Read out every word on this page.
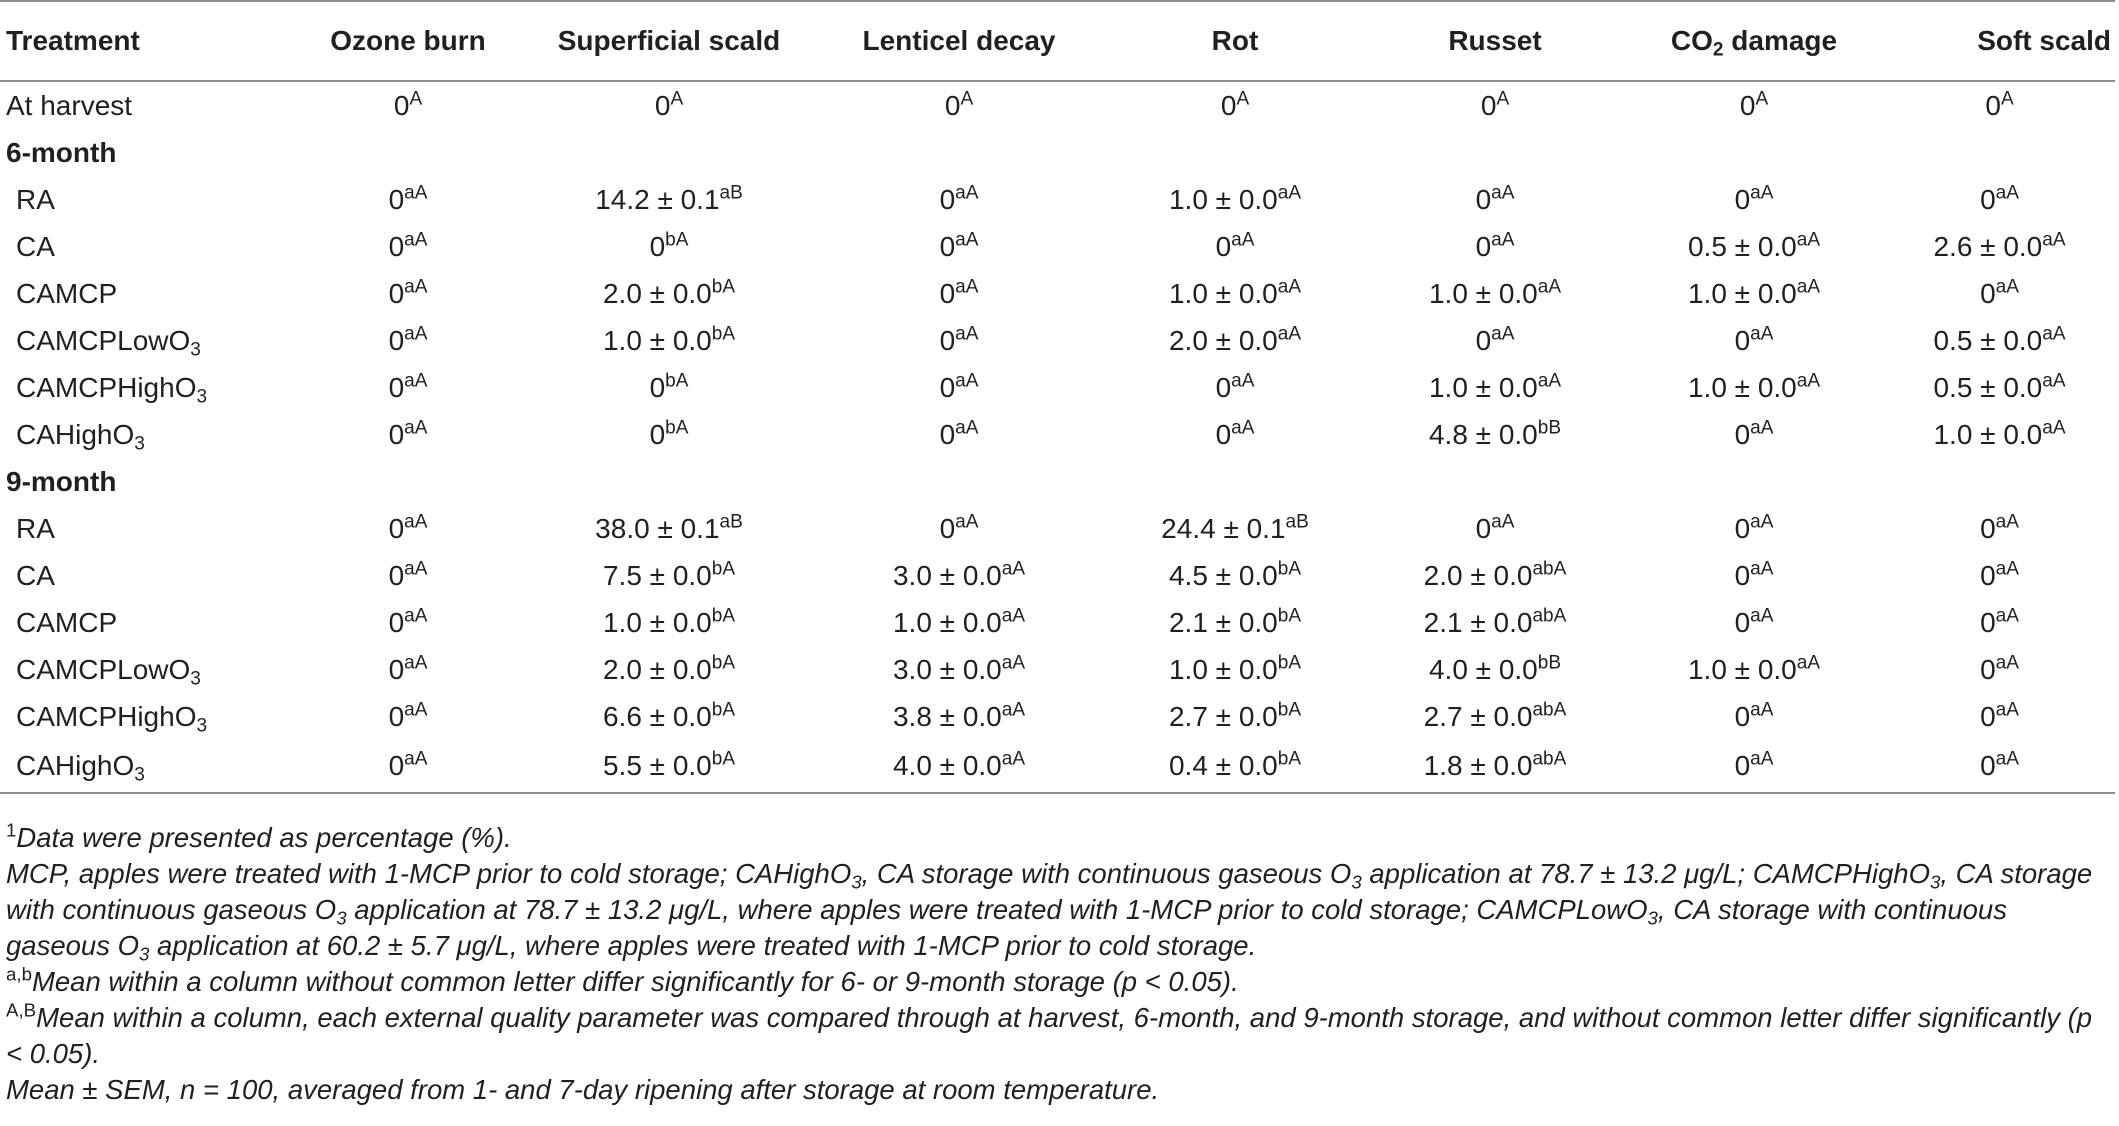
Treatment	Ozone burn	Superficial scald	Lenticel decay	Rot	Russet	$CO_2$ damage	Soft scald
At harvest	$0^A$	$0^A$	$0^A$	$0^A$	$0^A$	$0^A$	$0^A$
6-month							
RA	$0^{aA}$	$14.2 \pm 0.1^{aB}$	$0^{aA}$	$1.0 \pm 0.0^{aA}$	$0^{aA}$	$0^{aA}$	$0^{aA}$
CA	$0^{aA}$	$0^{bA}$	$0^{aA}$	$0^{aA}$	$0^{aA}$	$0.5 \pm 0.0^{aA}$	$2.6 \pm 0.0^{aA}$
CAMCP	$0^{aA}$	$2.0 \pm 0.0^{bA}$	$0^{aA}$	$1.0 \pm 0.0^{aA}$	$1.0 \pm 0.0^{aA}$	$1.0 \pm 0.0^{aA}$	$0^{aA}$
CAMCPLowO$_3$	$0^{aA}$	$1.0 \pm 0.0^{bA}$	$0^{aA}$	$2.0 \pm 0.0^{aA}$	$0^{aA}$	$0^{aA}$	$0.5 \pm 0.0^{aA}$
CAMCPHighO$_3$	$0^{aA}$	$0^{bA}$	$0^{aA}$	$0^{aA}$	$1.0 \pm 0.0^{aA}$	$1.0 \pm 0.0^{aA}$	$0.5 \pm 0.0^{aA}$
CAHighO$_3$	$0^{aA}$	$0^{bA}$	$0^{aA}$	$0^{aA}$	$4.8 \pm 0.0^{bB}$	$0^{aA}$	$1.0 \pm 0.0^{aA}$
9-month							
RA	$0^{aA}$	$38.0 \pm 0.1^{aB}$	$0^{aA}$	$24.4 \pm 0.1^{aB}$	$0^{aA}$	$0^{aA}$	$0^{aA}$
CA	$0^{aA}$	$7.5 \pm 0.0^{bA}$	$3.0 \pm 0.0^{aA}$	$4.5 \pm 0.0^{bA}$	$2.0 \pm 0.0^{abA}$	$0^{aA}$	$0^{aA}$
CAMCP	$0^{aA}$	$1.0 \pm 0.0^{bA}$	$1.0 \pm 0.0^{aA}$	$2.1 \pm 0.0^{bA}$	$2.1 \pm 0.0^{abA}$	$0^{aA}$	$0^{aA}$
CAMCPLowO$_3$	$0^{aA}$	$2.0 \pm 0.0^{bA}$	$3.0 \pm 0.0^{aA}$	$1.0 \pm 0.0^{bA}$	$4.0 \pm 0.0^{bB}$	$1.0 \pm 0.0^{aA}$	$0^{aA}$
CAMCPHighO$_3$	$0^{aA}$	$6.6 \pm 0.0^{bA}$	$3.8 \pm 0.0^{aA}$	$2.7 \pm 0.0^{bA}$	$2.7 \pm 0.0^{abA}$	$0^{aA}$	$0^{aA}$
CAHighO$_3$	$0^{aA}$	$5.5 \pm 0.0^{bA}$	$4.0 \pm 0.0^{aA}$	$0.4 \pm 0.0^{bA}$	$1.8 \pm 0.0^{abA}$	$0^{aA}$	$0^{aA}$

$^1$Data were presented as percentage (%).

MCP, apples were treated with 1-MCP prior to cold storage; CAHighO$_3$, CA storage with continuous gaseous $O_3$ application at 78.7 ± 13.2 μg/L; CAMCPHighO$_3$, CA storage with continuous gaseous $O_3$ application at 78.7 ± 13.2 μg/L, where apples were treated with 1-MCP prior to cold storage; CAMCPLowO$_3$, CA storage with continuous gaseous $O_3$ application at 60.2 ± 5.7 μg/L, where apples were treated with 1-MCP prior to cold storage.

$^{a,b}$Mean within a column without common letter differ significantly for 6- or 9-month storage (p < 0.05).

$^{A,B}$Mean within a column, each external quality parameter was compared through at harvest, 6-month, and 9-month storage, and without common letter differ significantly (p < 0.05).

Mean ± SEM, n = 100, averaged from 1- and 7-day ripening after storage at room temperature.
